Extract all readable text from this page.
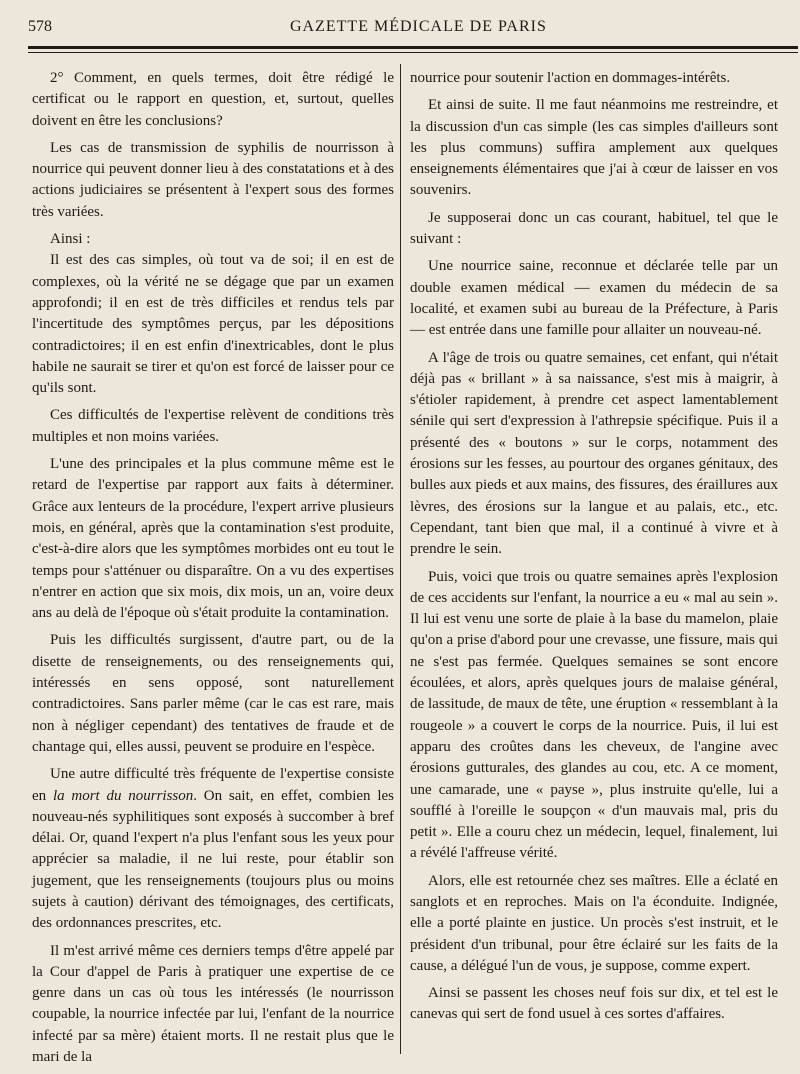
578	GAZETTE MÉDICALE DE PARIS

2° Comment, en quels termes, doit être rédigé le certificat ou le rapport en question, et, surtout, quelles doivent en être les conclusions?

Les cas de transmission de syphilis de nourrisson à nourrice qui peuvent donner lieu à des constatations et à des actions judiciaires se présentent à l'expert sous des formes très variées.

Ainsi :

Il est des cas simples, où tout va de soi; il en est de complexes, où la vérité ne se dégage que par un examen approfondi; il en est de très difficiles et rendus tels par l'incertitude des symptômes perçus, par les dépositions contradictoires; il en est enfin d'inextricables, dont le plus habile ne saurait se tirer et qu'on est forcé de laisser pour ce qu'ils sont.

Ces difficultés de l'expertise relèvent de conditions très multiples et non moins variées.

L'une des principales et la plus commune même est le retard de l'expertise par rapport aux faits à déterminer. Grâce aux lenteurs de la procédure, l'expert arrive plusieurs mois, en général, après que la contamination s'est produite, c'est-à-dire alors que les symptômes morbides ont eu tout le temps pour s'atténuer ou disparaître. On a vu des expertises n'entrer en action que six mois, dix mois, un an, voire deux ans au delà de l'époque où s'était produite la contamination.

Puis les difficultés surgissent, d'autre part, ou de la disette de renseignements, ou des renseignements qui, intéressés en sens opposé, sont naturellement contradictoires. Sans parler même (car le cas est rare, mais non à négliger cependant) des tentatives de fraude et de chantage qui, elles aussi, peuvent se produire en l'espèce.

Une autre difficulté très fréquente de l'expertise consiste en la mort du nourrisson. On sait, en effet, combien les nouveau-nés syphilitiques sont exposés à succomber à bref délai. Or, quand l'expert n'a plus l'enfant sous les yeux pour apprécier sa maladie, il ne lui reste, pour établir son jugement, que les renseignements (toujours plus ou moins sujets à caution) dérivant des témoignages, des certificats, des ordonnances prescrites, etc.

Il m'est arrivé même ces derniers temps d'être appelé par la Cour d'appel de Paris à pratiquer une expertise de ce genre dans un cas où tous les intéressés (le nourrisson coupable, la nourrice infectée par lui, l'enfant de la nourrice infecté par sa mère) étaient morts. Il ne restait plus que le mari de la

nourrice pour soutenir l'action en dommages-intérêts.

Et ainsi de suite. Il me faut néanmoins me restreindre, et la discussion d'un cas simple (les cas simples d'ailleurs sont les plus communs) suffira amplement aux quelques enseignements élémentaires que j'ai à cœur de laisser en vos souvenirs.

Je supposerai donc un cas courant, habituel, tel que le suivant :

Une nourrice saine, reconnue et déclarée telle par un double examen médical — examen du médecin de sa localité, et examen subi au bureau de la Préfecture, à Paris — est entrée dans une famille pour allaiter un nouveau-né.

A l'âge de trois ou quatre semaines, cet enfant, qui n'était déjà pas « brillant » à sa naissance, s'est mis à maigrir, à s'étioler rapidement, à prendre cet aspect lamentablement sénile qui sert d'expression à l'athrepsie spécifique. Puis il a présenté des « boutons » sur le corps, notamment des érosions sur les fesses, au pourtour des organes génitaux, des bulles aux pieds et aux mains, des fissures, des éraillures aux lèvres, des érosions sur la langue et au palais, etc., etc. Cependant, tant bien que mal, il a continué à vivre et à prendre le sein.

Puis, voici que trois ou quatre semaines après l'explosion de ces accidents sur l'enfant, la nourrice a eu « mal au sein ». Il lui est venu une sorte de plaie à la base du mamelon, plaie qu'on a prise d'abord pour une crevasse, une fissure, mais qui ne s'est pas fermée. Quelques semaines se sont encore écoulées, et alors, après quelques jours de malaise général, de lassitude, de maux de tête, une éruption « ressemblant à la rougeole » a couvert le corps de la nourrice. Puis, il lui est apparu des croûtes dans les cheveux, de l'angine avec érosions gutturales, des glandes au cou, etc. A ce moment, une camarade, une « payse », plus instruite qu'elle, lui a soufflé à l'oreille le soupçon « d'un mauvais mal, pris du petit ». Elle a couru chez un médecin, lequel, finalement, lui a révélé l'affreuse vérité.

Alors, elle est retournée chez ses maîtres. Elle a éclaté en sanglots et en reproches. Mais on l'a éconduite. Indignée, elle a porté plainte en justice. Un procès s'est instruit, et le président d'un tribunal, pour être éclairé sur les faits de la cause, a délégué l'un de vous, je suppose, comme expert.

Ainsi se passent les choses neuf fois sur dix, et tel est le canevas qui sert de fond usuel à ces sortes d'affaires.
